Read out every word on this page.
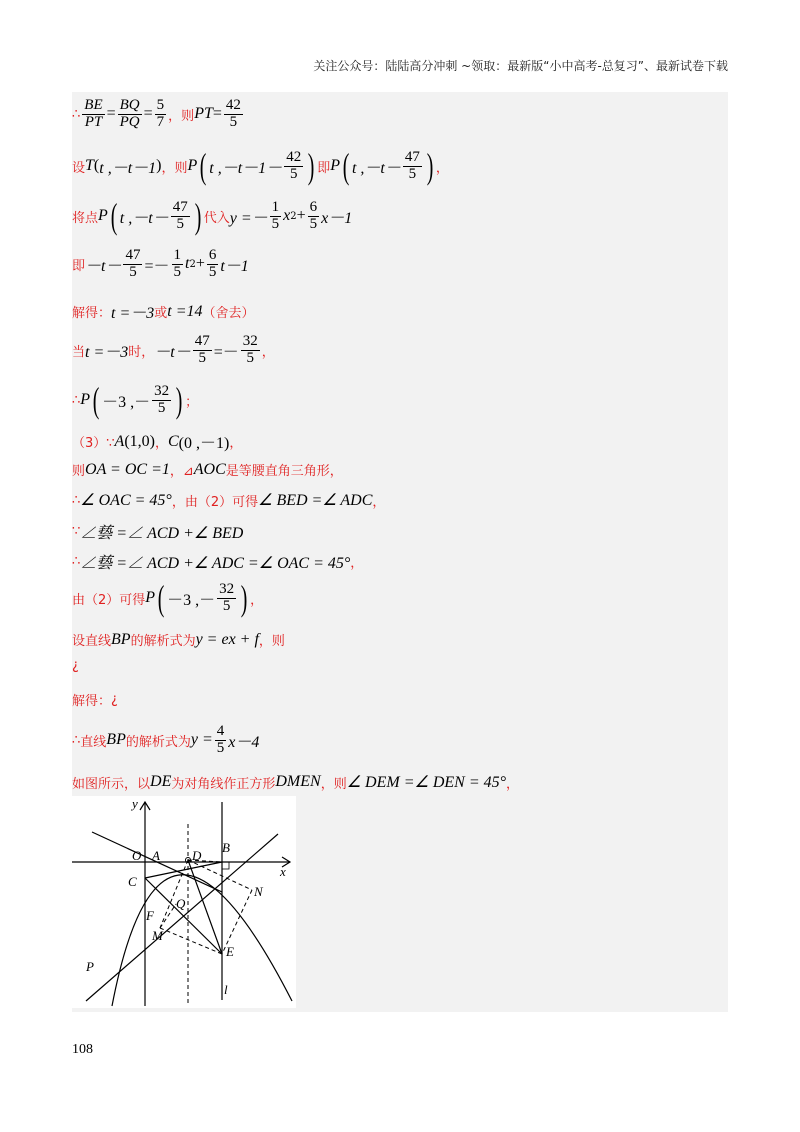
关注公众号：陆陆高分冲刺 ~领取：最新版“小中高考-总复习”、最新试卷下载
∴ $\frac{BE}{PT} = \frac{BQ}{PQ} = \frac{5}{7}$ ，则 PT = $\frac{42}{5}$
设 T ( t ,－t－1 ) ，则 P ( t $,-t-1- \frac{42}{5}$ ) 即 P ( t $,-t- \frac{47}{5}$ ) ，
将点 P ( t $,-t- \frac{47}{5}$ ) 代入 $y =- \frac{1}{5}$ x $2 + \frac{6}{5} x-1$
即 $-t- \frac{47}{5} =- \frac{1}{5}$ t $2 + \frac{6}{5} t-1$
解得： t =－3 或 t =14 （舍去）
当 t =－3 时， $-t- \frac{47}{5} =- \frac{32}{5}$ ，
∴ P ( －3 ,－ $\frac{32}{5}$ ) ；
（3）∵ A (1,0) ， C (0 ,－1) ，
则 OA = OC =1 ，⊿ AOC 是等腰直角三角形，
∴ ∠ OAC = 45° ，由（2）可得 ∠ BED =∠ ADC ，
∵ ∠兿 =∠ ACD +∠ BED
∴ ∠兿 =∠ ACD +∠ ADC =∠ OAC = 45° ，
由（2）可得 P ( －3 ,－ $\frac{32}{5}$ ) ，
设直线 BP 的解析式为 y = ex + f ，则
¿
解得： ¿
∴ 直线 BP 的解析式为 $y = \frac{4}{5} x-4$
如图所示，以 DE 为对角线作正方形 DMEN ，则 ∠ DEM =∠ DEN = 45° ，
y
x
O A D
B
C
Q
F
M
N
E
P
l
108
